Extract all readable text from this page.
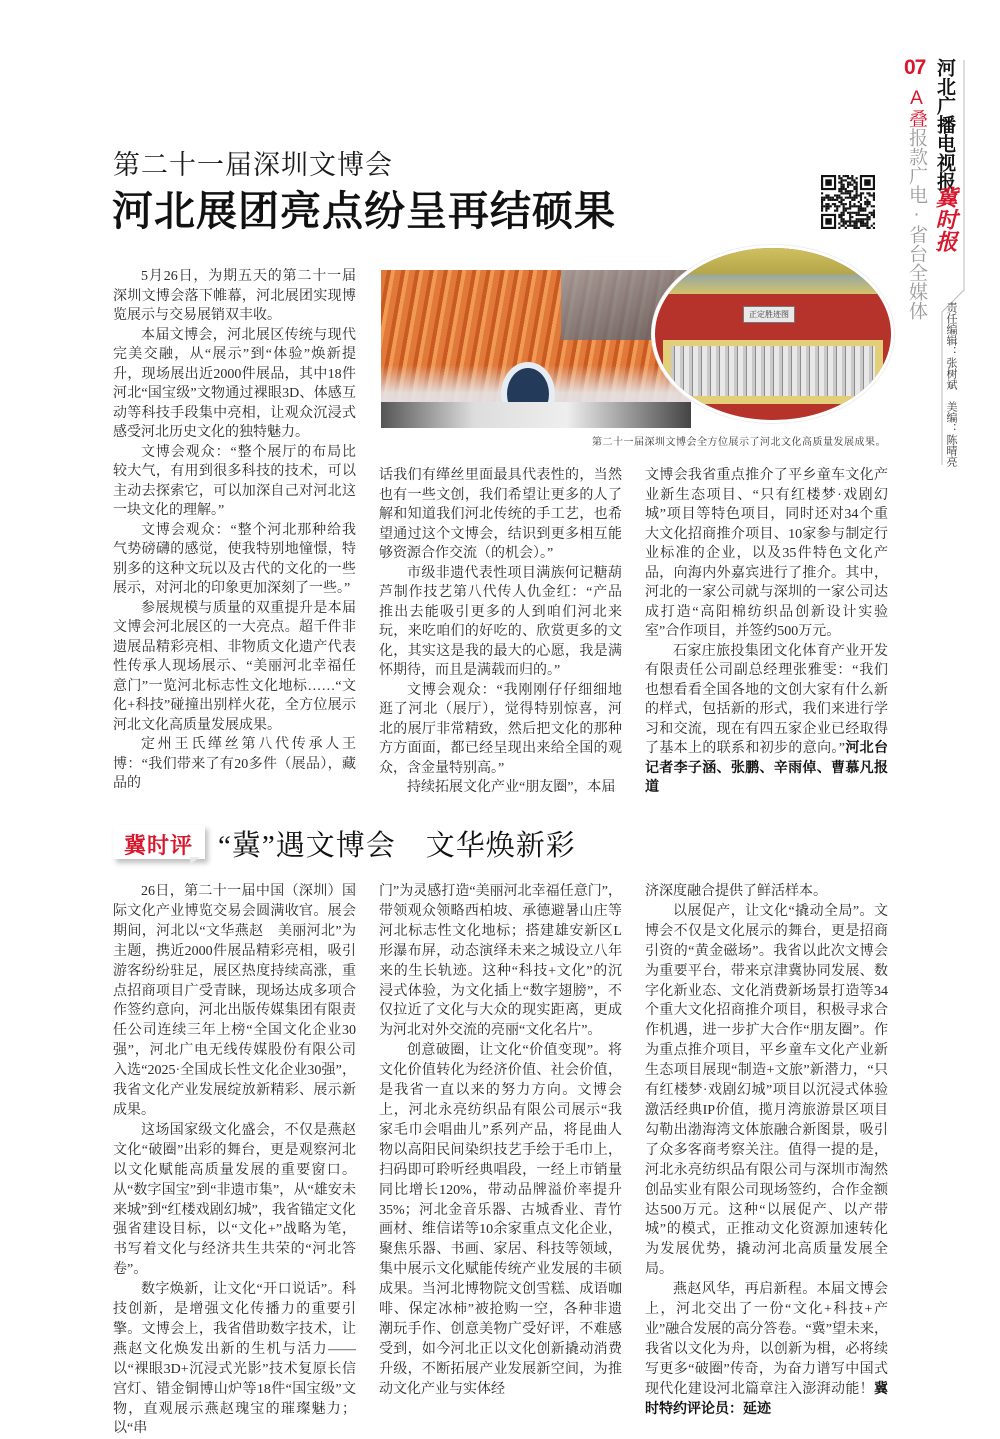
07
A叠报款广电·省台全媒体
河北广播电视报
冀时报
责任编辑：张树斌　美编：陈晴亮
第二十一届深圳文博会
河北展团亮点纷呈再结硕果
正定胜迹图
第二十一届深圳文博会全方位展示了河北文化高质量发展成果。

5月26日，为期五天的第二十一届深圳文博会落下帷幕，河北展团实现博览展示与交易展销双丰收。

本届文博会，河北展区传统与现代完美交融，从“展示”到“体验”焕新提升，现场展出近2000件展品，其中18件河北“国宝级”文物通过裸眼3D、体感互动等科技手段集中亮相，让观众沉浸式感受河北历史文化的独特魅力。

文博会观众：“整个展厅的布局比较大气，有用到很多科技的技术，可以主动去探索它，可以加深自己对河北这一块文化的理解。”

文博会观众：“整个河北那种给我气势磅礴的感觉，使我特别地憧憬，特别多的这种文玩以及古代的文化的一些展示，对河北的印象更加深刻了一些。”

参展规模与质量的双重提升是本届文博会河北展区的一大亮点。超千件非遗展品精彩亮相、非物质文化遗产代表性传承人现场展示、“美丽河北幸福任意门”一览河北标志性文化地标……“文化+科技”碰撞出别样火花，全方位展示河北文化高质量发展成果。

定州王氏缂丝第八代传承人王博：“我们带来了有20多件（展品），藏品的

话我们有缂丝里面最具代表性的，当然也有一些文创，我们希望让更多的人了解和知道我们河北传统的手工艺，也希望通过这个文博会，结识到更多相互能够资源合作交流（的机会）。”

市级非遗代表性项目满族何记糖葫芦制作技艺第八代传人仇金红：“产品推出去能吸引更多的人到咱们河北来玩，来吃咱们的好吃的、欣赏更多的文化，其实这是我的最大的心愿，我是满怀期待，而且是满载而归的。”

文博会观众：“我刚刚仔仔细细地逛了河北（展厅），觉得特别惊喜，河北的展厅非常精致，然后把文化的那种方方面面，都已经呈现出来给全国的观众，含金量特别高。”

持续拓展文化产业“朋友圈”，本届

文博会我省重点推介了平乡童车文化产业新生态项目、“只有红楼梦·戏剧幻城”项目等特色项目，同时还对34个重大文化招商推介项目、10家参与制定行业标准的企业，以及35件特色文化产品，向海内外嘉宾进行了推介。其中，河北的一家公司就与深圳的一家公司达成打造“高阳棉纺织品创新设计实验室”合作项目，并签约500万元。

石家庄旅投集团文化体育产业开发有限责任公司副总经理张雅雯：“我们也想看看全国各地的文创大家有什么新的样式，包括新的形式，我们来进行学习和交流，现在有四五家企业已经取得了基本上的联系和初步的意向。”河北台记者李子涵、张鹏、辛雨倬、曹慕凡报道

冀时评 “冀”遇文博会　文华焕新彩

26日，第二十一届中国（深圳）国际文化产业博览交易会圆满收官。展会期间，河北以“文华燕赵　美丽河北”为主题，携近2000件展品精彩亮相，吸引游客纷纷驻足，展区热度持续高涨，重点招商项目广受青睐，现场达成多项合作签约意向，河北出版传媒集团有限责任公司连续三年上榜“全国文化企业30强”，河北广电无线传媒股份有限公司入选“2025·全国成长性文化企业30强”，我省文化产业发展绽放新精彩、展示新成果。

这场国家级文化盛会，不仅是燕赵文化“破圈”出彩的舞台，更是观察河北以文化赋能高质量发展的重要窗口。从“数字国宝”到“非遗市集”，从“雄安未来城”到“红楼戏剧幻城”，我省锚定文化强省建设目标，以“文化+”战略为笔，书写着文化与经济共生共荣的“河北答卷”。

数字焕新，让文化“开口说话”。科技创新，是增强文化传播力的重要引擎。文博会上，我省借助数字技术，让燕赵文化焕发出新的生机与活力——以“裸眼3D+沉浸式光影”技术复原长信宫灯、错金铜博山炉等18件“国宝级”文物，直观展示燕赵瑰宝的璀璨魅力；以“串

门”为灵感打造“美丽河北幸福任意门”，带领观众领略西柏坡、承德避暑山庄等河北标志性文化地标；搭建雄安新区L形瀑布屏，动态演绎未来之城设立八年来的生长轨迹。这种“科技+文化”的沉浸式体验，为文化插上“数字翅膀”，不仅拉近了文化与大众的现实距离，更成为河北对外交流的亮丽“文化名片”。

创意破圈，让文化“价值变现”。将文化价值转化为经济价值、社会价值，是我省一直以来的努力方向。文博会上，河北永亮纺织品有限公司展示“我家毛巾会唱曲儿”系列产品，将昆曲人物以高阳民间染织技艺手绘于毛巾上，扫码即可聆听经典唱段，一经上市销量同比增长120%，带动品牌溢价率提升35%；河北金音乐器、古城香业、青竹画材、维信诺等10余家重点文化企业，聚焦乐器、书画、家居、科技等领域，集中展示文化赋能传统产业发展的丰硕成果。当河北博物院文创雪糕、成语咖啡、保定冰柿”被抢购一空，各种非遗潮玩手作、创意美物广受好评，不难感受到，如今河北正以文化创新撬动消费升级，不断拓展产业发展新空间，为推动文化产业与实体经

济深度融合提供了鲜活样本。

以展促产，让文化“撬动全局”。文博会不仅是文化展示的舞台，更是招商引资的“黄金磁场”。我省以此次文博会为重要平台，带来京津冀协同发展、数字化新业态、文化消费新场景打造等34个重大文化招商推介项目，积极寻求合作机遇，进一步扩大合作“朋友圈”。作为重点推介项目，平乡童车文化产业新生态项目展现“制造+文旅”新潜力，“只有红楼梦·戏剧幻城”项目以沉浸式体验激活经典IP价值，揽月湾旅游景区项目勾勒出渤海湾文体旅融合新图景，吸引了众多客商考察关注。值得一提的是，河北永亮纺织品有限公司与深圳市淘然创品实业有限公司现场签约，合作金额达500万元。这种“以展促产、以产带城”的模式，正推动文化资源加速转化为发展优势，撬动河北高质量发展全局。

燕赵风华，再启新程。本届文博会上，河北交出了一份“文化+科技+产业”融合发展的高分答卷。“冀”望未来，我省以文化为舟，以创新为楫，必将续写更多“破圈”传奇，为奋力谱写中国式现代化建设河北篇章注入澎湃动能！冀时特约评论员：延迹
